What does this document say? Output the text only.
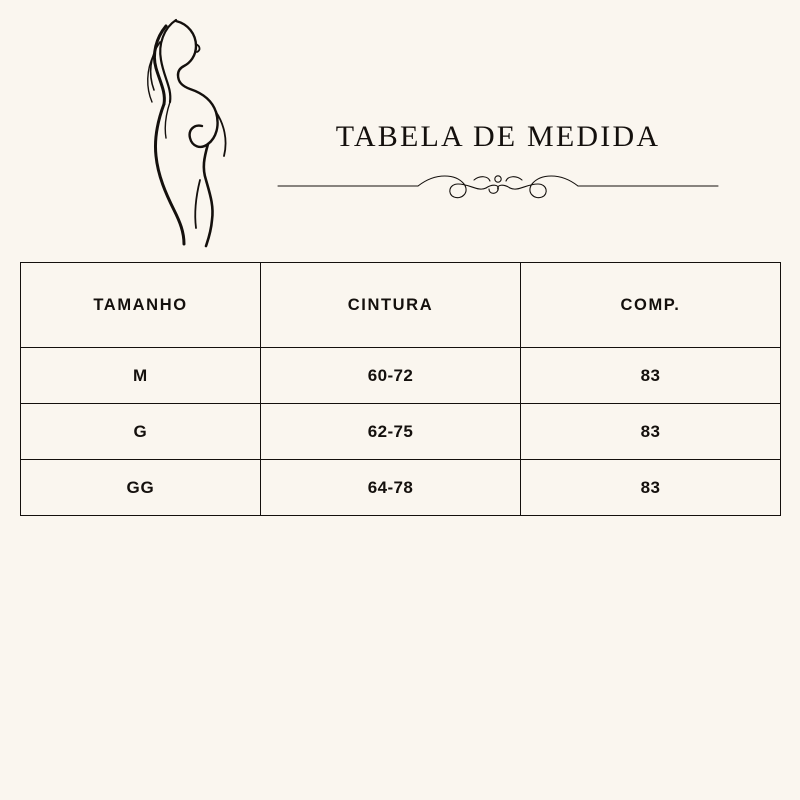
TABELA DE MEDIDA
TAMANHO	CINTURA	COMP.
M	60-72	83
G	62-75	83
GG	64-78	83
